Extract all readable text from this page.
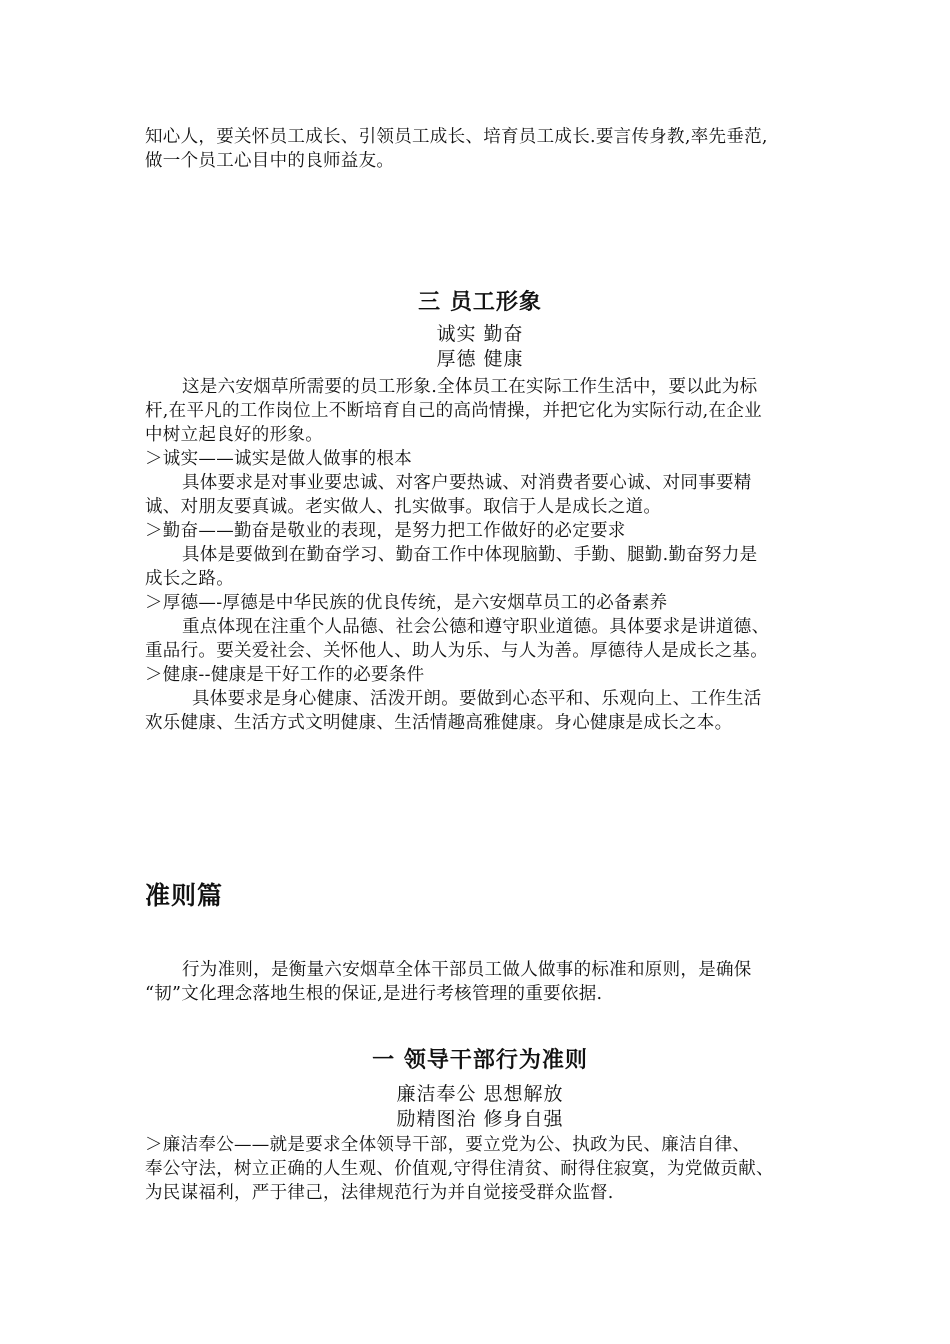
知心人，要关怀员工成长、引领员工成长、培育员工成长.要言传身教,率先垂范,
做一个员工心目中的良师益友。
三 员工形象
诚实 勤奋
厚德 健康
这是六安烟草所需要的员工形象.全体员工在实际工作生活中，要以此为标
杆,在平凡的工作岗位上不断培育自己的高尚情操，并把它化为实际行动,在企业
中树立起良好的形象。
＞诚实——诚实是做人做事的根本
具体要求是对事业要忠诚、对客户要热诚、对消费者要心诚、对同事要精
诚、对朋友要真诚。老实做人、扎实做事。取信于人是成长之道。
＞勤奋——勤奋是敬业的表现，是努力把工作做好的必定要求
具体是要做到在勤奋学习、勤奋工作中体现脑勤、手勤、腿勤.勤奋努力是
成长之路。
＞厚德—-厚德是中华民族的优良传统，是六安烟草员工的必备素养
重点体现在注重个人品德、社会公德和遵守职业道德。具体要求是讲道德、
重品行。要关爱社会、关怀他人、助人为乐、与人为善。厚德待人是成长之基。
＞健康--健康是干好工作的必要条件
具体要求是身心健康、活泼开朗。要做到心态平和、乐观向上、工作生活
欢乐健康、生活方式文明健康、生活情趣高雅健康。身心健康是成长之本。
准则篇
行为准则，是衡量六安烟草全体干部员工做人做事的标准和原则，是确保
“韧”文化理念落地生根的保证,是进行考核管理的重要依据.
一 领导干部行为准则
廉洁奉公 思想解放
励精图治 修身自强
＞廉洁奉公——就是要求全体领导干部，要立党为公、执政为民、廉洁自律、
奉公守法，树立正确的人生观、价值观,守得住清贫、耐得住寂寞，为党做贡献、
为民谋福利，严于律己，法律规范行为并自觉接受群众监督.
